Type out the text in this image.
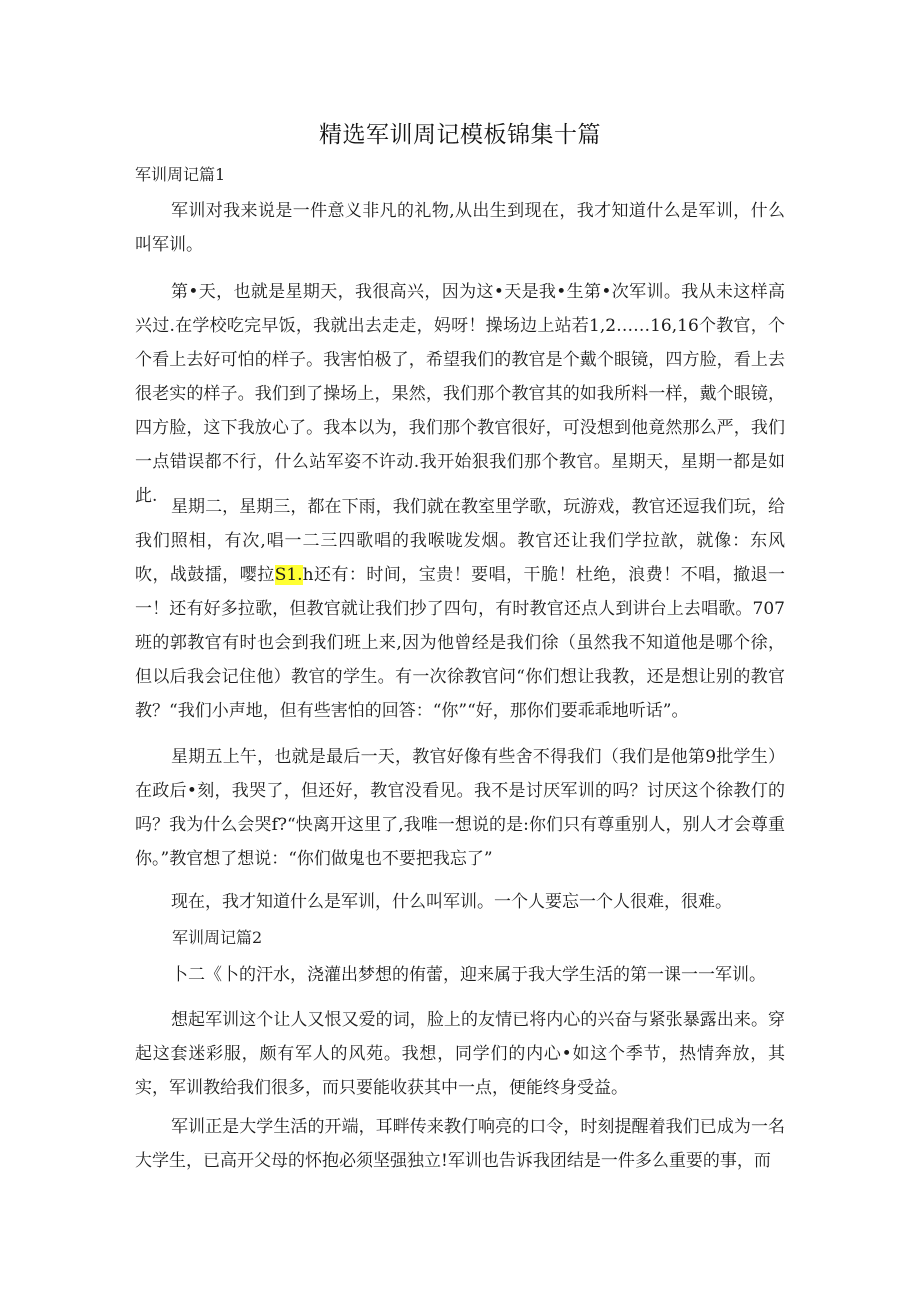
精选军训周记模板锦集十篇
军训周记篇1

军训对我来说是一件意义非凡的礼物,从出生到现在，我才知道什么是军训，什么叫军训。

第•天，也就是星期天，我很高兴，因为这•天是我•生第•次军训。我从未这样高兴过.在学校吃完早饭，我就出去走走，妈呀！操场边上站若1,2……16,16个教官，个个看上去好可怕的样子。我害怕极了，希望我们的教官是个戴个眼镜，四方脸，看上去很老实的样子。我们到了操场上，果然，我们那个教官其的如我所料一样，戴个眼镜，四方脸，这下我放心了。我本以为，我们那个教官很好，可没想到他竟然那么严，我们一点错误都不行，什么站军姿不许动.我开始狠我们那个教官。星期天，星期一都是如此.

星期二，星期三，都在下雨，我们就在教室里学歌，玩游戏，教官还逗我们玩，给我们照相，有次,唱一二三四歌唱的我喉咙发烟。教官还让我们学拉歆，就像：东风吹，战鼓擂，嘤拉S1.h还有：时间，宝贵！要唱，干脆！杜绝，浪费！不唱，撤退一一！还有好多拉歌，但教官就让我们抄了四句，有时教官还点人到讲台上去唱歌。707班的郭教官有时也会到我们班上来,因为他曾经是我们徐（虽然我不知道他是哪个徐，但以后我会记住他）教官的学生。有一次徐教官问“你们想让我教，还是想让别的教官教？“我们小声地，但有些害怕的回答：“你”“好，那你们要乖乖地听话”。

星期五上午，也就是最后一天，教官好像有些舍不得我们（我们是他第9批学生）在政后•刻，我哭了，但还好，教官没看见。我不是讨厌军训的吗？讨厌这个徐教仃的吗？我为什么会哭f?“快离开这里了,我唯一想说的是:你们只有尊重别人，别人才会尊重你。”教官想了想说：“你们做鬼也不要把我忘了”

现在，我才知道什么是军训，什么叫军训。一个人要忘一个人很难，很难。

军训周记篇2

卜二《卜的汗水，浇灌出梦想的侑蕾，迎来属于我大学生活的第一课一一军训。

想起军训这个让人又恨又爱的词，脸上的友情已将内心的兴奋与紧张暴露出来。穿起这套迷彩服，颇有军人的风苑。我想，同学们的内心•如这个季节，热情奔放，其实，军训教给我们很多，而只要能收获其中一点，便能终身受益。

军训正是大学生活的开端，耳畔传来教仃响亮的口令，时刻提醒着我们已成为一名大学生，已高开父母的怀抱必须坚强独立!军训也告诉我团结是一件多么重要的事，而
